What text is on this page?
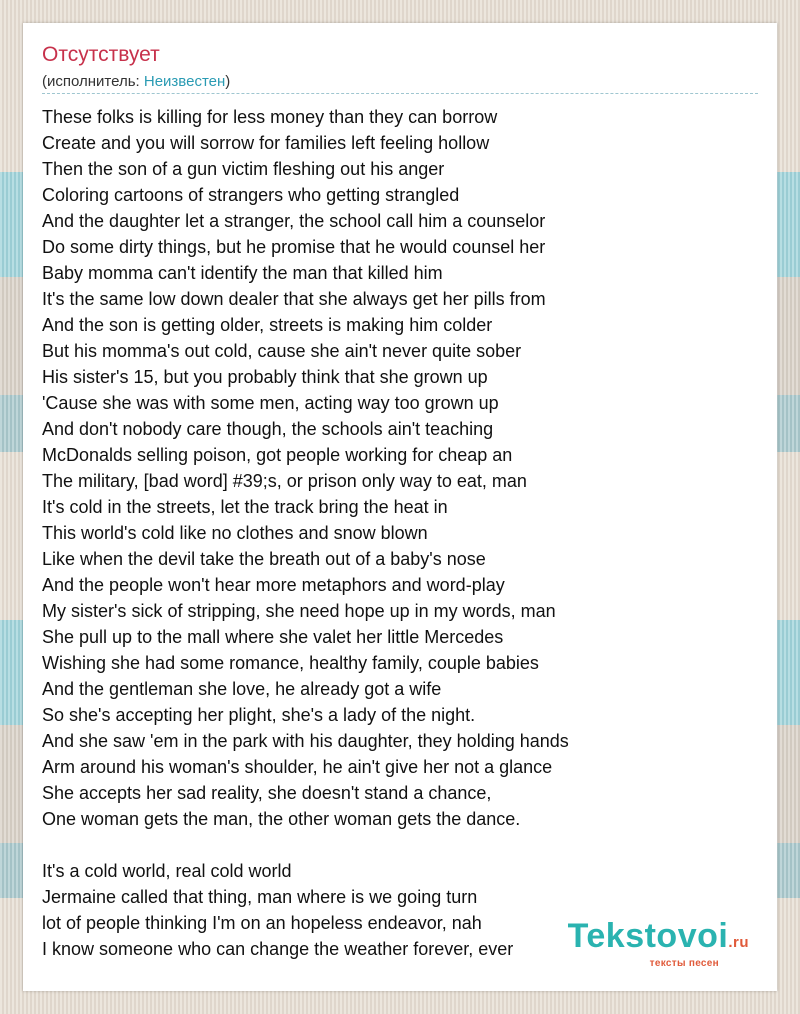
Отсутствует
(исполнитель: Неизвестен)
These folks is killing for less money than they can borrow
Create and you will sorrow for families left feeling hollow
Then the son of a gun victim fleshing out his anger
Coloring cartoons of strangers who getting strangled
And the daughter let a stranger, the school call him a counselor
Do some dirty things, but he promise that he would counsel her
Baby momma can't identify the man that killed him
It's the same low down dealer that she always get her pills from
And the son is getting older, streets is making him colder
But his momma's out cold, cause she ain't never quite sober
His sister's 15, but you probably think that she grown up
'Cause she was with some men, acting way too grown up
And don't nobody care though, the schools ain't teaching
McDonalds selling poison, got people working for cheap an
The military, [bad word] #39;s, or prison only way to eat, man
It's cold in the streets, let the track bring the heat in
This world's cold like no clothes and snow blown
Like when the devil take the breath out of a baby's nose
And the people won't hear more metaphors and word-play
My sister's sick of stripping, she need hope up in my words, man
She pull up to the mall where she valet her little Mercedes
Wishing she had some romance, healthy family, couple babies
And the gentleman she love, he already got a wife
So she's accepting her plight, she's a lady of the night.
And she saw 'em in the park with his daughter, they holding hands
Arm around his woman's shoulder, he ain't give her not a glance
She accepts her sad reality, she doesn't stand a chance,
One woman gets the man, the other woman gets the dance.
It's a cold world, real cold world
Jermaine called that thing, man where is we going turn
lot of people thinking I'm on an hopeless endeavor, nah
I know someone who can change the weather forever, ever	Tekstovoi.ru
тексты песен
